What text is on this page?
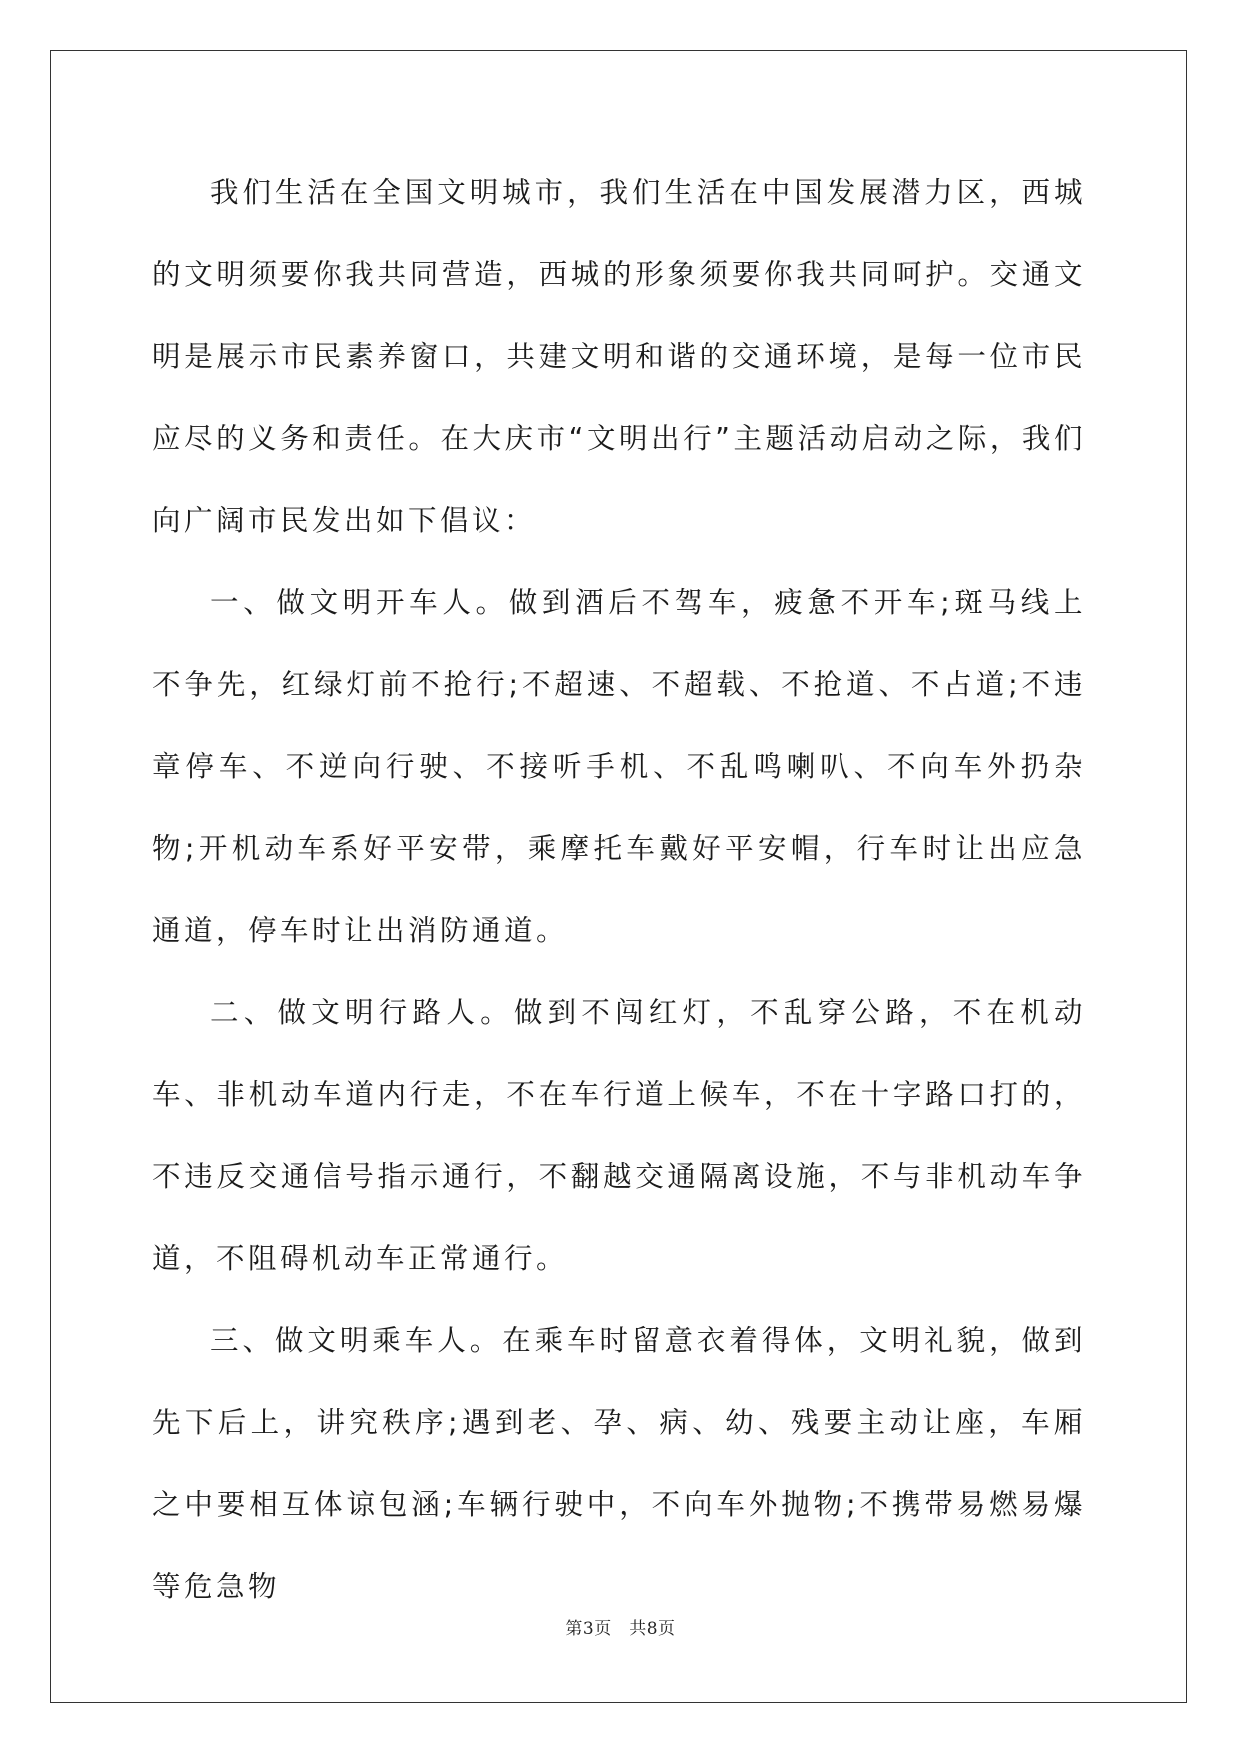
我们生活在全国文明城市，我们生活在中国发展潜力区，西城的文明须要你我共同营造，西城的形象须要你我共同呵护。交通文明是展示市民素养窗口，共建文明和谐的交通环境，是每一位市民应尽的义务和责任。在大庆市“文明出行”主题活动启动之际，我们向广阔市民发出如下倡议：

一、做文明开车人。做到酒后不驾车，疲惫不开车;斑马线上不争先，红绿灯前不抢行;不超速、不超载、不抢道、不占道;不违章停车、不逆向行驶、不接听手机、不乱鸣喇叭、不向车外扔杂物;开机动车系好平安带，乘摩托车戴好平安帽，行车时让出应急通道，停车时让出消防通道。

二、做文明行路人。做到不闯红灯，不乱穿公路，不在机动车、非机动车道内行走，不在车行道上候车，不在十字路口打的，不违反交通信号指示通行，不翻越交通隔离设施，不与非机动车争道，不阻碍机动车正常通行。

三、做文明乘车人。在乘车时留意衣着得体，文明礼貌，做到先下后上，讲究秩序;遇到老、孕、病、幼、残要主动让座，车厢之中要相互体谅包涵;车辆行驶中，不向车外抛物;不携带易燃易爆等危急物

第3页　共8页
